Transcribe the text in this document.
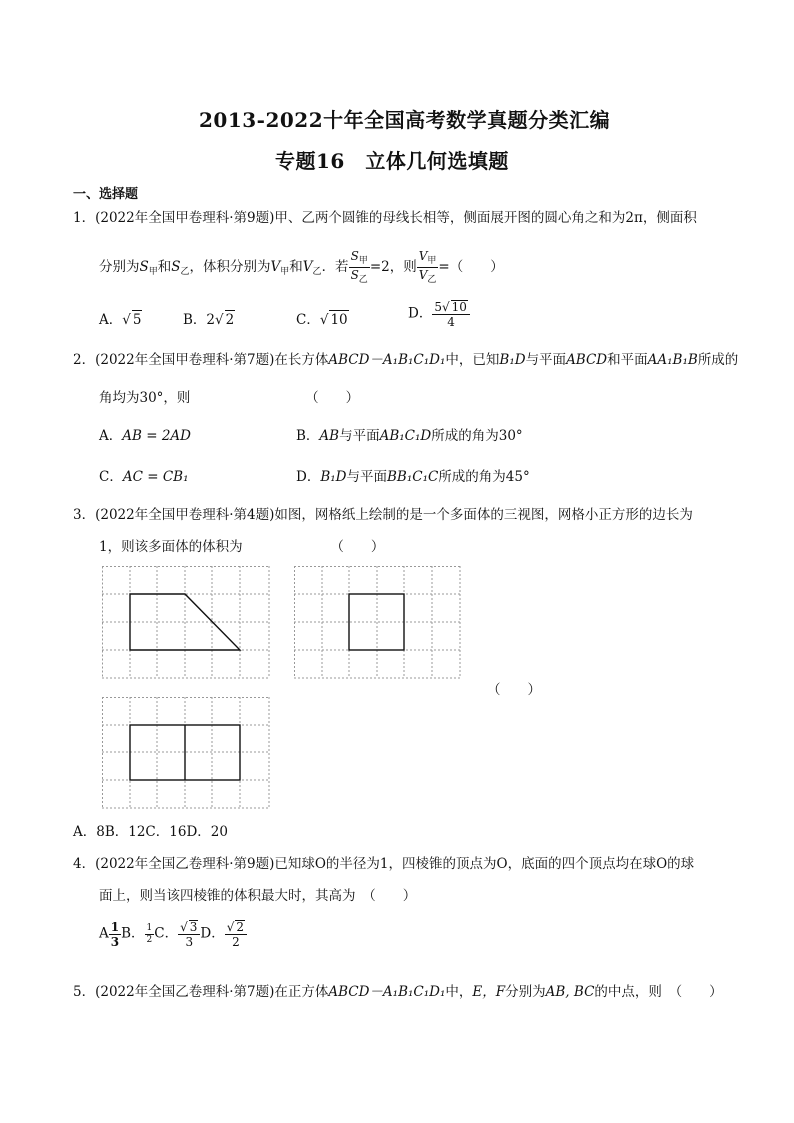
2013-2022十年全国高考数学真题分类汇编
专题16　立体几何选填题
一、选择题
1．(2022年全国甲卷理科·第9题)甲、乙两个圆锥的母线长相等，侧面展开图的圆心角之和为2π，侧面积
分别为$S_甲$和$S_乙$，体积分别为$V_甲$和$V_乙$．若 $\frac{S_甲}{S_乙} =2$，则 $\frac{V_甲}{V_乙}$ =（　　）
A．√ 5	B．2√ 2	C．√ 10	D． $\frac{5√ 10}{4}$
2．(2022年全国甲卷理科·第7题)在长方体ABCD－A₁B₁C₁D₁中，已知B₁D与平面ABCD和平面AA₁B₁B所成的
角均为30°，则　　　　　　　　　（　　）
A．AB = 2AD	B．AB与平面AB₁C₁D所成的角为30°
C．AC = CB₁	D．B₁D与平面BB₁C₁C所成的角为45°
3．(2022年全国甲卷理科·第4题)如图，网格纸上绘制的是一个多面体的三视图，网格小正方形的边长为
1，则该多面体的体积为　　　　　　　（　　）
（　　）
A．8B．12C．16D．20
4．(2022年全国乙卷理科·第9题)已知球O的半径为1，四棱锥的顶点为O，底面的四个顶点均在球O的球
面上，则当该四棱锥的体积最大时，其高为　（　　）
A $\frac{1}{3}$ B． $\frac{1}{2}$ C． $\frac{√ 3}{3}$ D． $\frac{√ 2}{2}$
5．(2022年全国乙卷理科·第7题)在正方体ABCD－A₁B₁C₁D₁中，E，F分别为AB, BC的中点，则　（　　）
